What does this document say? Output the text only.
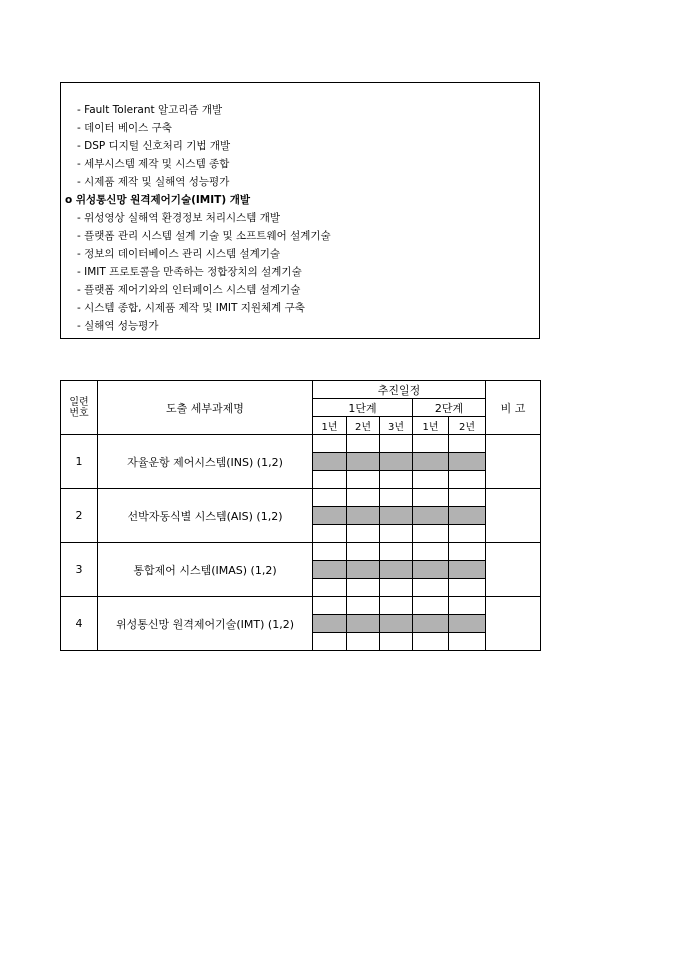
- Fault Tolerant 알고리즘 개발
- 데이터 베이스 구축
- DSP 디지털 신호처리 기법 개발
- 세부시스템 제작 및 시스템 종합
- 시제품 제작 및 실해역 성능평가
o 위성통신망 원격제어기술(IMIT) 개발
- 위성영상 실해역 환경정보 처리시스템 개발
- 플랫폼 관리 시스템 설계 기술 및 소프트웨어 설계기술
- 정보의 데이터베이스 관리 시스템 설계기술
- IMIT 프로토콜을 만족하는 정합장치의 설계기술
- 플랫폼 제어기와의 인터페이스 시스템 설계기술
- 시스템 종합, 시제품 제작 및 IMIT 지원체계 구축
- 실해역 성능평가
일련
번호	도출 세부과제명	추진일정					비 고
		1단계			2단계		
		1년	2년	3년	1년	2년	
1	자율운항 제어시스템(INS) (1,2)						

2	선박자동식별 시스템(AIS) (1,2)						

3	통합제어 시스템(IMAS) (1,2)						

4	위성통신망 원격제어기술(IMT) (1,2)						
